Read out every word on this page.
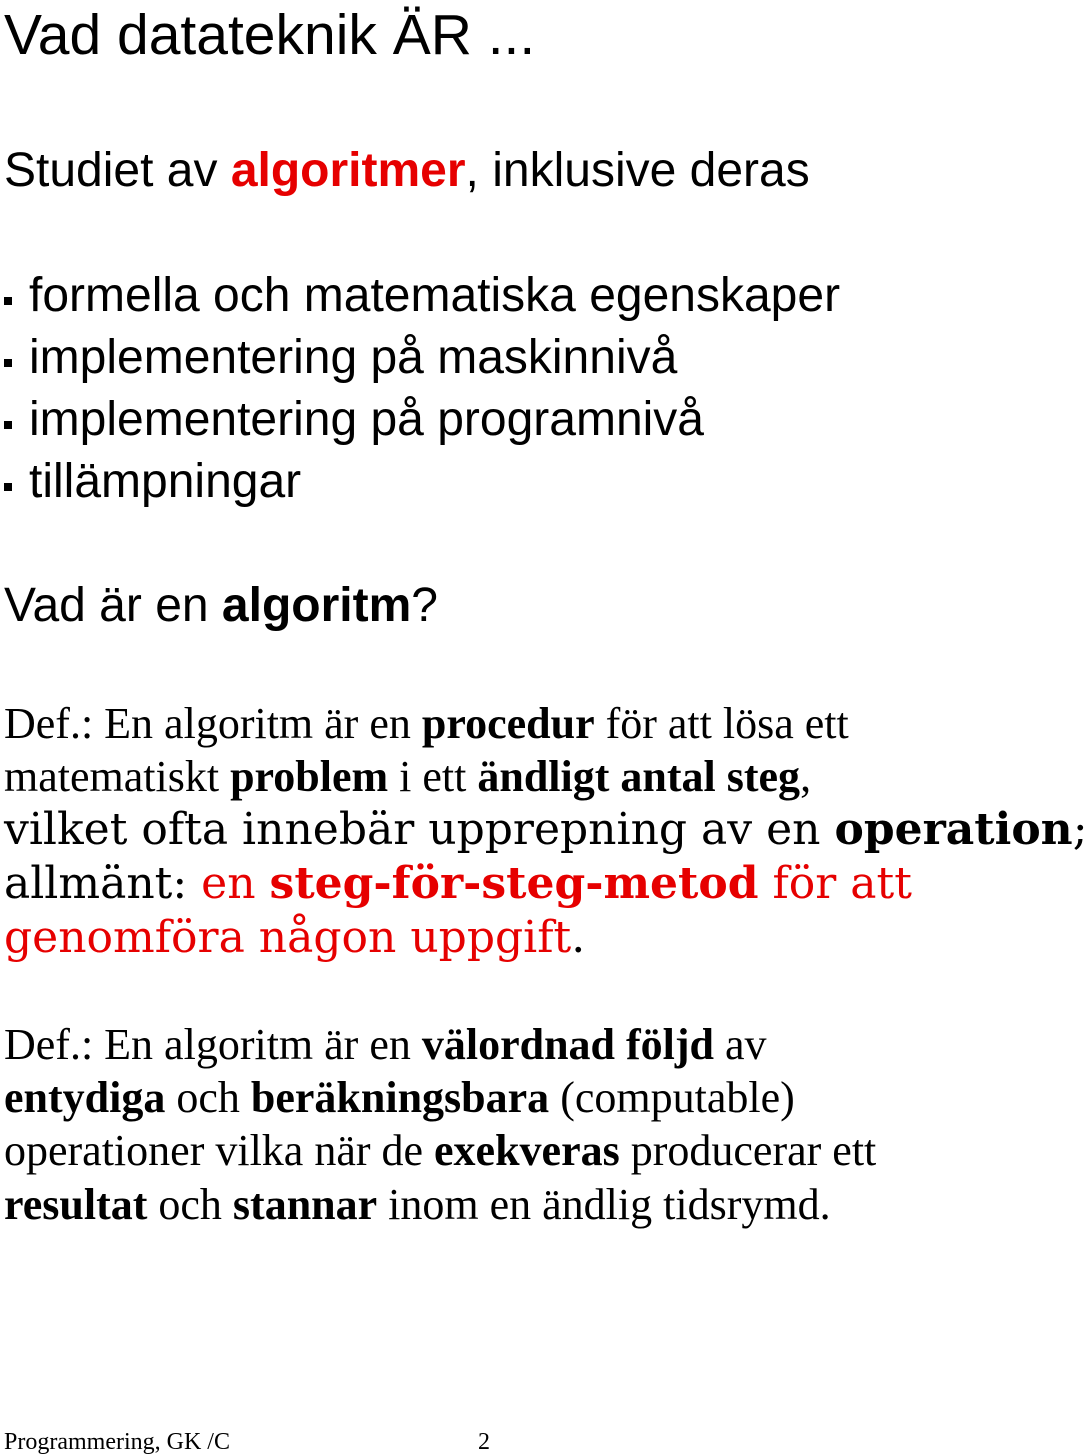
Vad datateknik ÄR ...

Studiet av algoritmer, inklusive deras

formella och matematiska egenskaper
implementering på maskinnivå
implementering på programnivå
tillämpningar

Vad är en algoritm?

Def.: En algoritm är en procedur för att lösa ett

matematiskt problem i ett ändligt antal steg,

vilket ofta innebär upprepning av en operation;

allmänt: en steg-för-steg-metod för att

genomföra någon uppgift.

Def.: En algoritm är en välordnad följd av

entydiga och beräkningsbara (computable)

operationer vilka när de exekveras producerar ett

resultat och stannar inom en ändlig tidsrymd.

Programmering, GK /C	2
